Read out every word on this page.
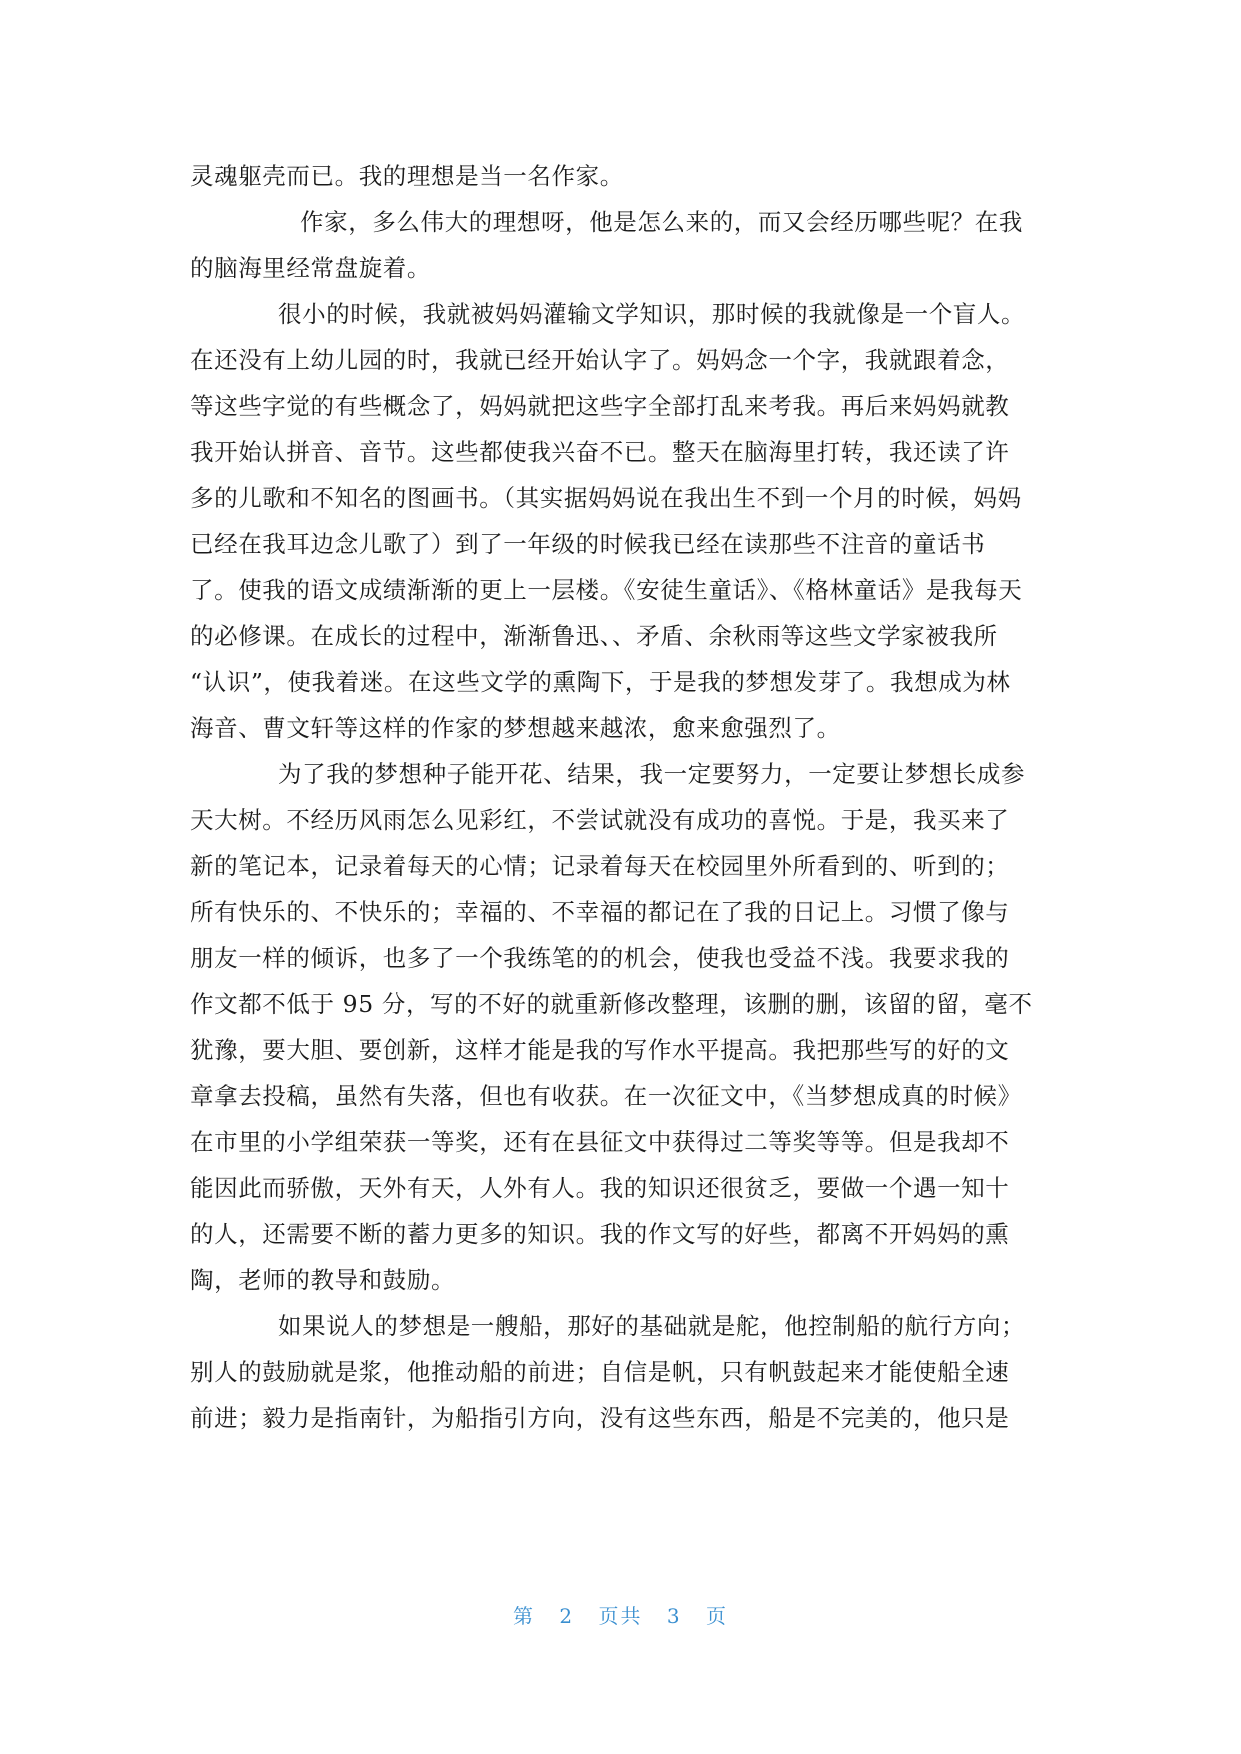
灵魂躯壳而已。我的理想是当一名作家。

作家，多么伟大的理想呀，他是怎么来的，而又会经历哪些呢？在我

的脑海里经常盘旋着。

很小的时候，我就被妈妈灌输文学知识，那时候的我就像是一个盲人。

在还没有上幼儿园的时，我就已经开始认字了。妈妈念一个字，我就跟着念，

等这些字觉的有些概念了，妈妈就把这些字全部打乱来考我。再后来妈妈就教

我开始认拼音、音节。这些都使我兴奋不已。整天在脑海里打转，我还读了许

多的儿歌和不知名的图画书。（其实据妈妈说在我出生不到一个月的时候，妈妈

已经在我耳边念儿歌了）到了一年级的时候我已经在读那些不注音的童话书

了。使我的语文成绩渐渐的更上一层楼。《安徒生童话》、《格林童话》是我每天

的必修课。在成长的过程中，渐渐鲁迅、、矛盾、余秋雨等这些文学家被我所

“认识”，使我着迷。在这些文学的熏陶下，于是我的梦想发芽了。我想成为林

海音、曹文轩等这样的作家的梦想越来越浓，愈来愈强烈了。

为了我的梦想种子能开花、结果，我一定要努力，一定要让梦想长成参

天大树。不经历风雨怎么见彩红，不尝试就没有成功的喜悦。于是，我买来了

新的笔记本，记录着每天的心情；记录着每天在校园里外所看到的、听到的；

所有快乐的、不快乐的；幸福的、不幸福的都记在了我的日记上。习惯了像与

朋友一样的倾诉，也多了一个我练笔的的机会，使我也受益不浅。我要求我的

作文都不低于 95 分，写的不好的就重新修改整理，该删的删，该留的留，毫不

犹豫，要大胆、要创新，这样才能是我的写作水平提高。我把那些写的好的文

章拿去投稿，虽然有失落，但也有收获。在一次征文中，《当梦想成真的时候》

在市里的小学组荣获一等奖，还有在县征文中获得过二等奖等等。但是我却不

能因此而骄傲，天外有天，人外有人。我的知识还很贫乏，要做一个遇一知十

的人，还需要不断的蓄力更多的知识。我的作文写的好些，都离不开妈妈的熏

陶，老师的教导和鼓励。

如果说人的梦想是一艘船，那好的基础就是舵，他控制船的航行方向；

别人的鼓励就是浆，他推动船的前进；自信是帆，只有帆鼓起来才能使船全速

前进；毅力是指南针，为船指引方向，没有这些东西，船是不完美的，他只是

第 2 页共 3 页
